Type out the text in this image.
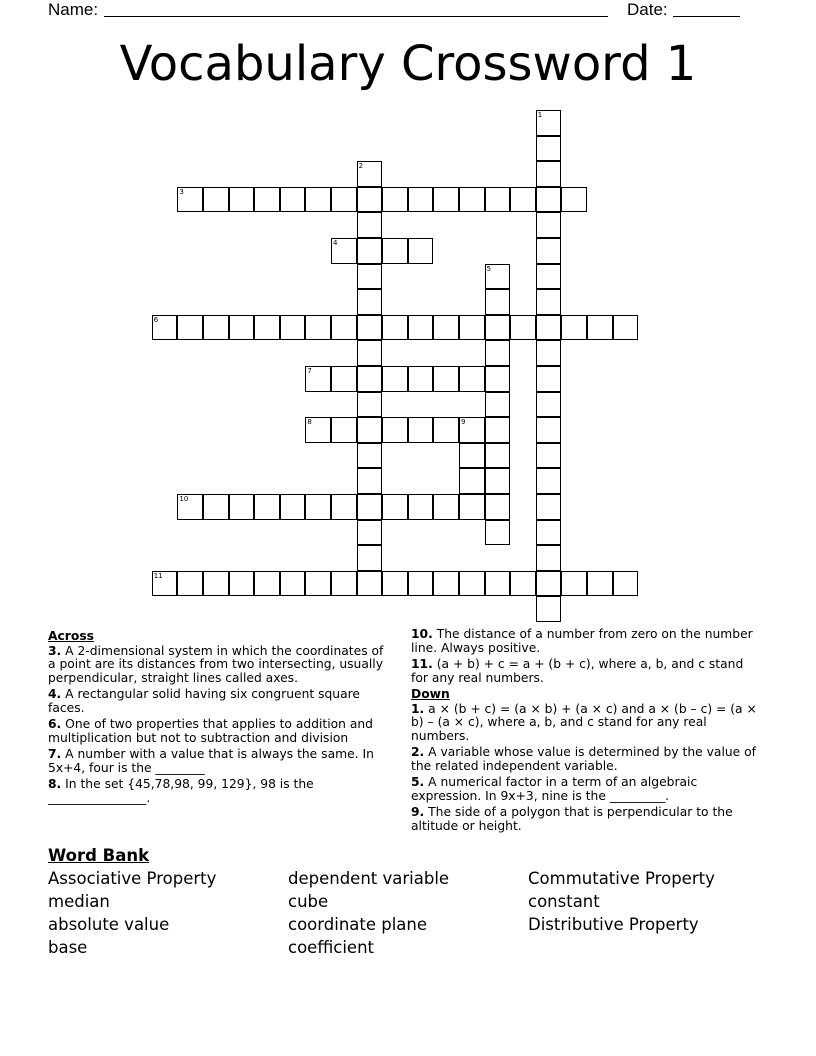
Name:	Date:
Vocabulary Crossword 1
1
2
3
4
5
6
7
8	9
10
11
Across
3. A 2-dimensional system in which the coordinates of a point are its distances from two intersecting, usually perpendicular, straight lines called axes.
4. A rectangular solid having six congruent square faces.
6. One of two properties that applies to addition and multiplication but not to subtraction and division
7. A number with a value that is always the same. In 5x+4, four is the ________
8. In the set {45,78,98, 99, 129}, 98 is the ________________.
10. The distance of a number from zero on the number line. Always positive.
11. (a + b) + c = a + (b + c), where a, b, and c stand for any real numbers.
Down
1. a × (b + c) = (a × b) + (a × c) and a × (b – c) = (a × b) – (a × c), where a, b, and c stand for any real numbers.
2. A variable whose value is determined by the value of the related independent variable.
5. A numerical factor in a term of an algebraic expression. In 9x+3, nine is the _________.
9. The side of a polygon that is perpendicular to the altitude or height.
Word Bank
Associative Property
median
absolute value
base
dependent variable
cube
coordinate plane
coefficient
Commutative Property
constant
Distributive Property
